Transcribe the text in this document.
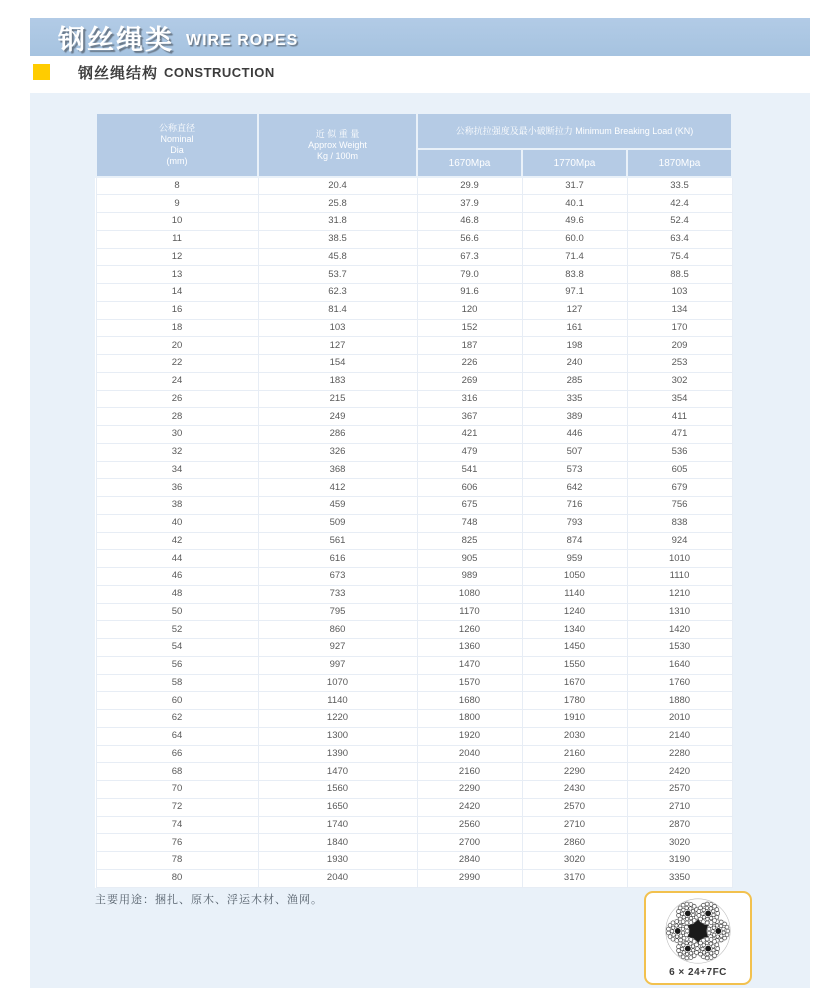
钢丝绳类 WIRE ROPES
钢丝绳结构 CONSTRUCTION
公称直径
Nominal
Dia
(mm)

近 似 重 量
Approx Weight
Kg / 100m
	公称抗拉强度及最小破断拉力 Minimum Breaking Load (KN)
		1670Mpa	1770Mpa	1870Mpa
8	20.4	29.9	31.7	33.5
9	25.8	37.9	40.1	42.4
10	31.8	46.8	49.6	52.4
11	38.5	56.6	60.0	63.4
12	45.8	67.3	71.4	75.4
13	53.7	79.0	83.8	88.5
14	62.3	91.6	97.1	103
16	81.4	120	127	134
18	103	152	161	170
20	127	187	198	209
22	154	226	240	253
24	183	269	285	302
26	215	316	335	354
28	249	367	389	411
30	286	421	446	471
32	326	479	507	536
34	368	541	573	605
36	412	606	642	679
38	459	675	716	756
40	509	748	793	838
42	561	825	874	924
44	616	905	959	1010
46	673	989	1050	1110
48	733	1080	1140	1210
50	795	1170	1240	1310
52	860	1260	1340	1420
54	927	1360	1450	1530
56	997	1470	1550	1640
58	1070	1570	1670	1760
60	1140	1680	1780	1880
62	1220	1800	1910	2010
64	1300	1920	2030	2140
66	1390	2040	2160	2280
68	1470	2160	2290	2420
70	1560	2290	2430	2570
72	1650	2420	2570	2710
74	1740	2560	2710	2870
76	1840	2700	2860	3020
78	1930	2840	3020	3190
80	2040	2990	3170	3350
主要用途：捆扎、原木、浮运木材、渔网。
6 × 24+7FC
